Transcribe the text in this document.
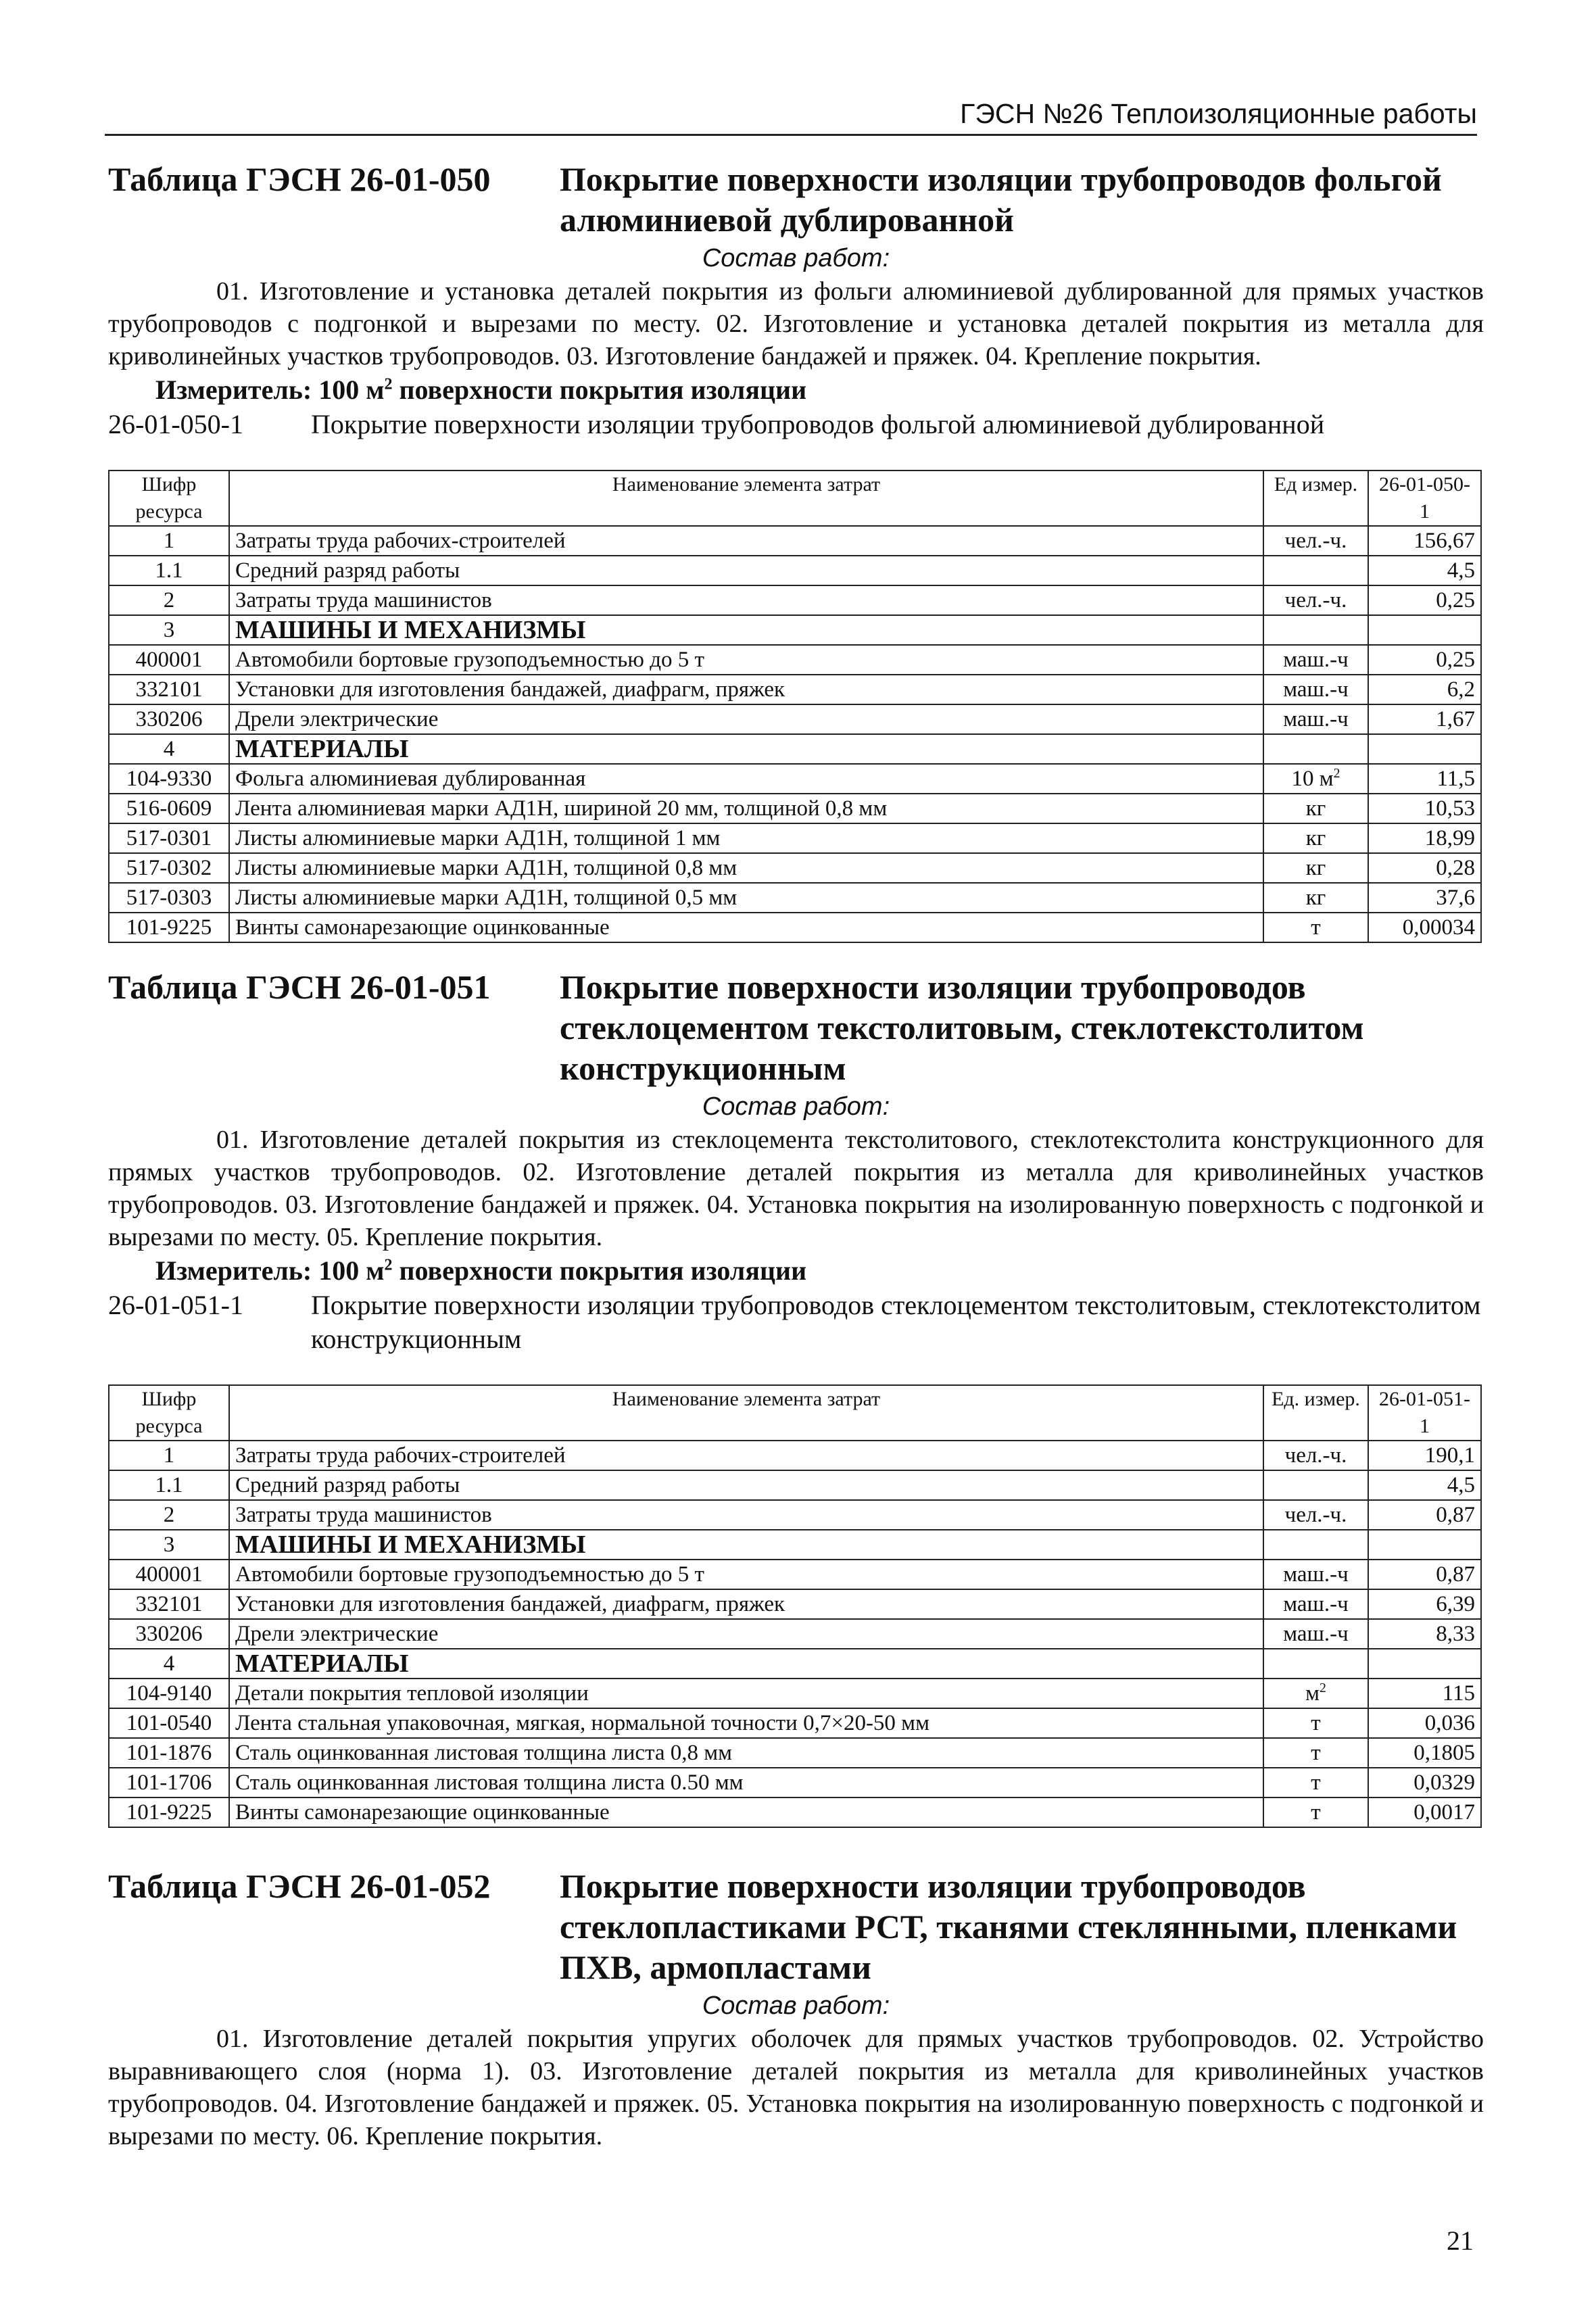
ГЭСН №26 Теплоизоляционные работы
Таблица ГЭСН 26-01-050	Покрытие поверхности изоляции трубопроводов фольгой алюминиевой дублированной
Состав работ:
01. Изготовление и установка деталей покрытия из фольги алюминиевой дублированной для прямых участков трубопроводов с подгонкой и вырезами по месту. 02. Изготовление и установка деталей покрытия из металла для криволинейных участков трубопроводов. 03. Изготовление бандажей и пряжек. 04. Крепление покрытия.
Измеритель: 100 $м^2$ поверхности покрытия изоляции
26-01-050-1	Покрытие поверхности изоляции трубопроводов фольгой алюминиевой дублированной
Шифр ресурса	Наименование элемента затрат	Ед измер.	26-01-050-1
1	Затраты труда рабочих-строителей	чел.-ч.	156,67
1.1	Средний разряд работы		4,5
2	Затраты труда машинистов	чел.-ч.	0,25
3	МАШИНЫ И МЕХАНИЗМЫ		
400001	Автомобили бортовые грузоподъемностью до 5 т	маш.-ч	0,25
332101	Установки для изготовления бандажей, диафрагм, пряжек	маш.-ч	6,2
330206	Дрели электрические	маш.-ч	1,67
4	МАТЕРИАЛЫ		
104-9330	Фольга алюминиевая дублированная	10 $м^2$	11,5
516-0609	Лента алюминиевая марки АД1Н, шириной 20 мм, толщиной 0,8 мм	кг	10,53
517-0301	Листы алюминиевые марки АД1Н, толщиной 1 мм	кг	18,99
517-0302	Листы алюминиевые марки АД1Н, толщиной 0,8 мм	кг	0,28
517-0303	Листы алюминиевые марки АД1Н, толщиной 0,5 мм	кг	37,6
101-9225	Винты самонарезающие оцинкованные	т	0,00034
Таблица ГЭСН 26-01-051	Покрытие поверхности изоляции трубопроводов стеклоцементом текстолитовым, стеклотекстолитом конструкционным
Состав работ:
01. Изготовление деталей покрытия из стеклоцемента текстолитового, стеклотекстолита конструкционного для прямых участков трубопроводов. 02. Изготовление деталей покрытия из металла для криволинейных участков трубопроводов. 03. Изготовление бандажей и пряжек. 04. Установка покрытия на изолированную поверхность с подгонкой и вырезами по месту. 05. Крепление покрытия.
Измеритель: 100 $м^2$ поверхности покрытия изоляции
26-01-051-1	Покрытие поверхности изоляции трубопроводов стеклоцементом текстолитовым, стеклотекстолитом конструкционным
Шифр ресурса	Наименование элемента затрат	Ед. измер.	26-01-051-1
1	Затраты труда рабочих-строителей	чел.-ч.	190,1
1.1	Средний разряд работы		4,5
2	Затраты труда машинистов	чел.-ч.	0,87
3	МАШИНЫ И МЕХАНИЗМЫ		
400001	Автомобили бортовые грузоподъемностью до 5 т	маш.-ч	0,87
332101	Установки для изготовления бандажей, диафрагм, пряжек	маш.-ч	6,39
330206	Дрели электрические	маш.-ч	8,33
4	МАТЕРИАЛЫ		
104-9140	Детали покрытия тепловой изоляции	$м^2$	115
101-0540	Лента стальная упаковочная, мягкая, нормальной точности 0,7×20-50 мм	т	0,036
101-1876	Сталь оцинкованная листовая толщина листа 0,8 мм	т	0,1805
101-1706	Сталь оцинкованная листовая толщина листа 0.50 мм	т	0,0329
101-9225	Винты самонарезающие оцинкованные	т	0,0017
Таблица ГЭСН 26-01-052	Покрытие поверхности изоляции трубопроводов стеклопластиками РСТ, тканями стеклянными, пленками ПХВ, армопластами
Состав работ:
01. Изготовление деталей покрытия упругих оболочек для прямых участков трубопроводов. 02. Устройство выравнивающего слоя (норма 1). 03. Изготовление деталей покрытия из металла для криволинейных участков трубопроводов. 04. Изготовление бандажей и пряжек. 05. Установка покрытия на изолированную поверхность с подгонкой и вырезами по месту. 06. Крепление покрытия.
21
